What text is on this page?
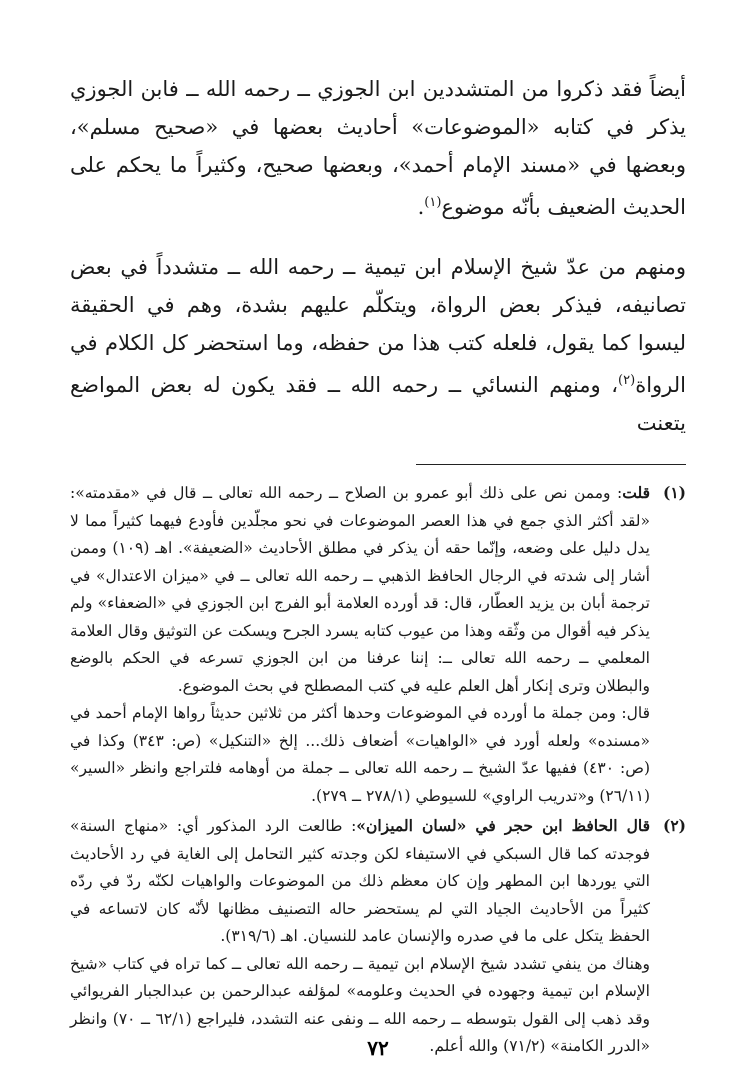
أيضاً فقد ذكروا من المتشددين ابن الجوزي ــ رحمه الله ــ فابن الجوزي يذكر في كتابه «الموضوعات» أحاديث بعضها في «صحيح مسلم»، وبعضها في «مسند الإمام أحمد»، وبعضها صحيح، وكثيراً ما يحكم على الحديث الضعيف بأنّه موضوع$^{(١)}$.

ومنهم من عدّ شيخ الإسلام ابن تيمية ــ رحمه الله ــ متشدداً في بعض تصانيفه، فيذكر بعض الرواة، ويتكلّم عليهم بشدة، وهم في الحقيقة ليسوا كما يقول، فلعله كتب هذا من حفظه، وما استحضر كل الكلام في الرواة$^{(٢)}$، ومنهم النسائي ــ رحمه الله ــ فقد يكون له بعض المواضع يتعنت

(١)

قلت: وممن نص على ذلك أبو عمرو بن الصلاح ــ رحمه الله تعالى ــ قال في «مقدمته»: «لقد أكثر الذي جمع في هذا العصر الموضوعات في نحو مجلّدين فأودع فيهما كثيراً مما لا يدل دليل على وضعه، وإنّما حقه أن يذكر في مطلق الأحاديث «الضعيفة». اهـ (١٠٩) وممن أشار إلى شدته في الرجال الحافظ الذهبي ــ رحمه الله تعالى ــ في «ميزان الاعتدال» في ترجمة أبان بن يزيد العطّار، قال: قد أورده العلامة أبو الفرج ابن الجوزي في «الضعفاء» ولم يذكر فيه أقوال من وثّقه وهذا من عيوب كتابه يسرد الجرح ويسكت عن التوثيق وقال العلامة المعلمي ــ رحمه الله تعالى ــ: إننا عرفنا من ابن الجوزي تسرعه في الحكم بالوضع والبطلان وترى إنكار أهل العلم عليه في كتب المصطلح في بحث الموضوع.

قال: ومن جملة ما أورده في الموضوعات وحدها أكثر من ثلاثين حديثاً رواها الإمام أحمد في «مسنده» ولعله أورد في «الواهيات» أضعاف ذلك... إلخ «التنكيل» (ص: ٣٤٣) وكذا في (ص: ٤٣٠) ففيها عدّ الشيخ ــ رحمه الله تعالى ــ جملة من أوهامه فلتراجع وانظر «السير» (٢٦/١١) و«تدريب الراوي» للسيوطي (٢٧٨/١ ــ ٢٧٩).

(٢)

قال الحافظ ابن حجر في «لسان الميزان»: طالعت الرد المذكور أي: «منهاج السنة» فوجدته كما قال السبكي في الاستيفاء لكن وجدته كثير التحامل إلى الغاية في رد الأحاديث التي يوردها ابن المطهر وإن كان معظم ذلك من الموضوعات والواهيات لكنّه ردّ في ردّه كثيراً من الأحاديث الجياد التي لم يستحضر حاله التصنيف مظانها لأنّه كان لاتساعه في الحفظ يتكل على ما في صدره والإنسان عامد للنسيان. اهـ (٣١٩/٦).

وهناك من ينفي تشدد شيخ الإسلام ابن تيمية ــ رحمه الله تعالى ــ كما تراه في كتاب «شيخ الإسلام ابن تيمية وجهوده في الحديث وعلومه» لمؤلفه عبدالرحمن بن عبدالجبار الفريوائي وقد ذهب إلى القول بتوسطه ــ رحمه الله ــ ونفى عنه التشدد، فليراجع (٦٢/١ ــ ٧٠) وانظر «الدرر الكامنة» (٧١/٢) والله أعلم.

٧٢
